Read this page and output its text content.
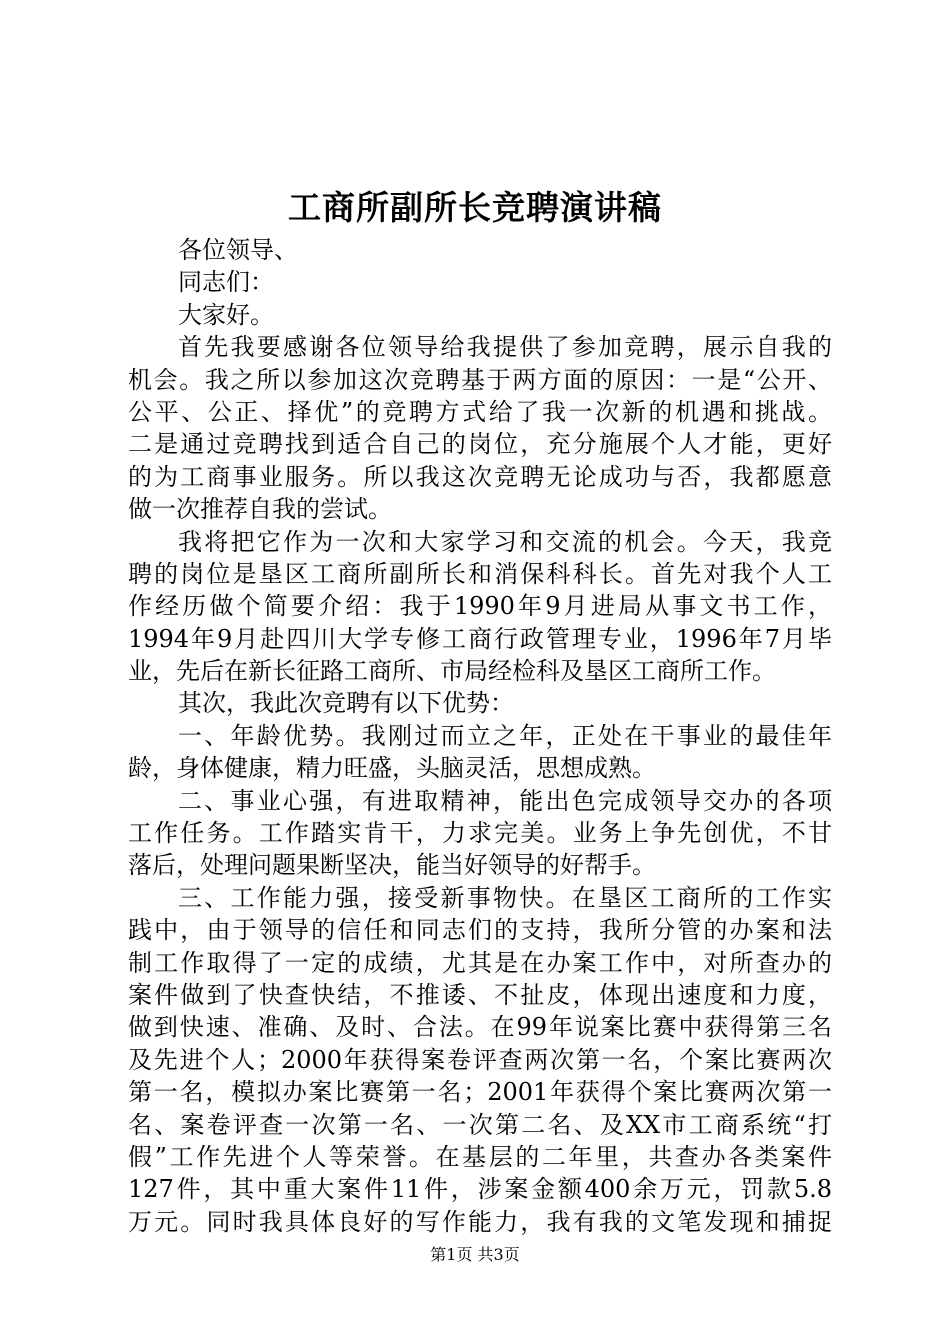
工商所副所长竞聘演讲稿
各位领导、
同志们：
大家好。
首先我要感谢各位领导给我提供了参加竞聘，展示自我的
机会。我之所以参加这次竞聘基于两方面的原因：一是“公开、
公平、公正、择优”的竞聘方式给了我一次新的机遇和挑战。
二是通过竞聘找到适合自己的岗位，充分施展个人才能，更好
的为工商事业服务。所以我这次竞聘无论成功与否，我都愿意
做一次推荐自我的尝试。
我将把它作为一次和大家学习和交流的机会。今天，我竞
聘的岗位是垦区工商所副所长和消保科科长。首先对我个人工
作经历做个简要介绍：我于1990年9月进局从事文书工作，
1994年9月赴四川大学专修工商行政管理专业，1996年7月毕
业，先后在新长征路工商所、市局经检科及垦区工商所工作。
其次，我此次竞聘有以下优势：
一、年龄优势。我刚过而立之年，正处在干事业的最佳年
龄，身体健康，精力旺盛，头脑灵活，思想成熟。
二、事业心强，有进取精神，能出色完成领导交办的各项
工作任务。工作踏实肯干，力求完美。业务上争先创优，不甘
落后，处理问题果断坚决，能当好领导的好帮手。
三、工作能力强，接受新事物快。在垦区工商所的工作实
践中，由于领导的信任和同志们的支持，我所分管的办案和法
制工作取得了一定的成绩，尤其是在办案工作中，对所查办的
案件做到了快查快结，不推诿、不扯皮，体现出速度和力度，
做到快速、准确、及时、合法。在99年说案比赛中获得第三名
及先进个人；2000年获得案卷评查两次第一名，个案比赛两次
第一名，模拟办案比赛第一名；2001年获得个案比赛两次第一
名、案卷评查一次第一名、一次第二名、及XX市工商系统“打
假”工作先进个人等荣誉。在基层的二年里，共查办各类案件
127件，其中重大案件11件，涉案金额400余万元，罚款5.8
万元。同时我具体良好的写作能力，我有我的文笔发现和捕捉
第1页 共3页
